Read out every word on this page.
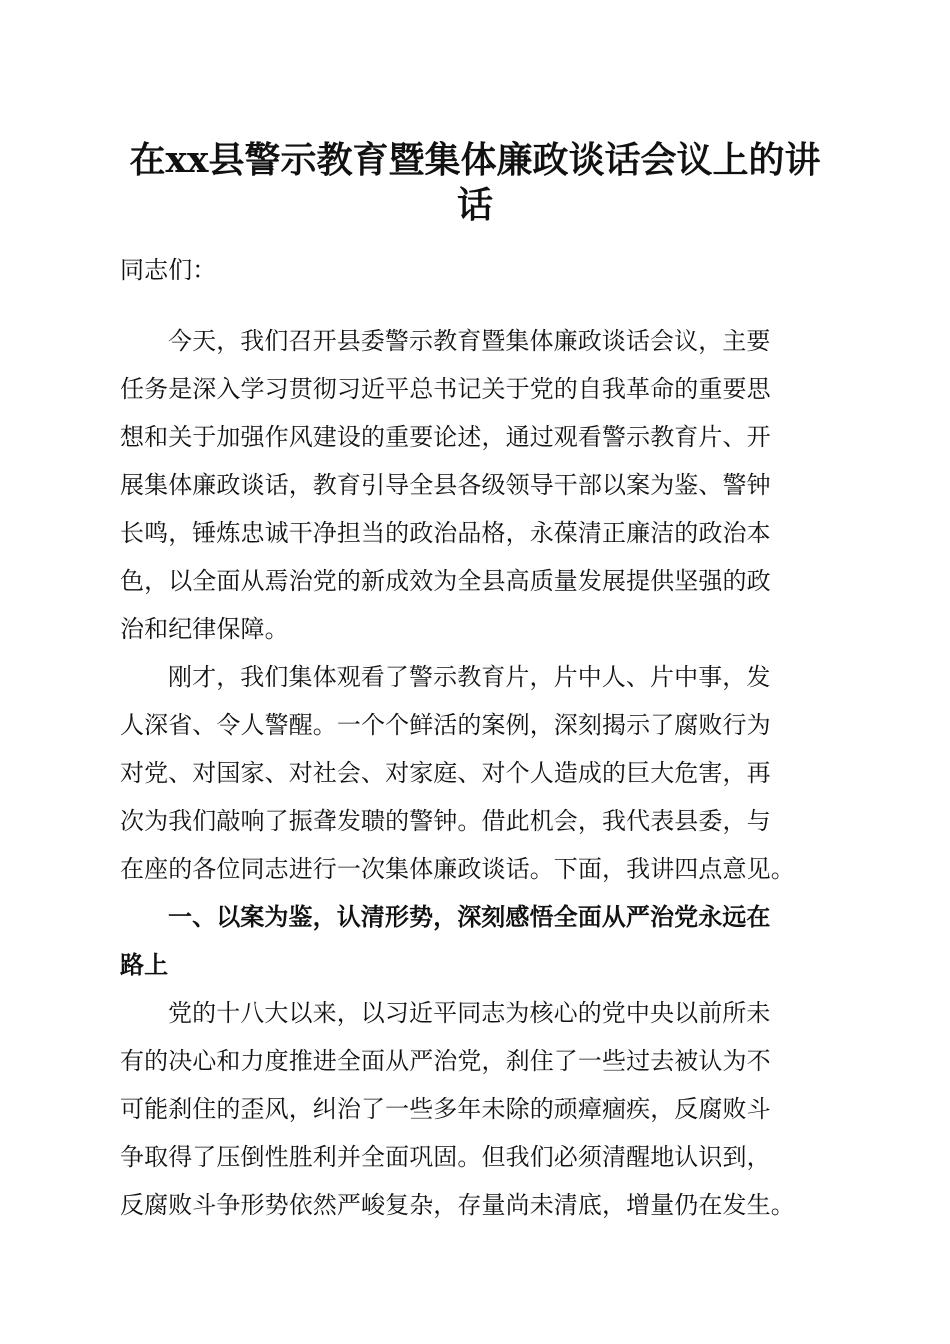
在xx县警示教育暨集体廉政谈话会议上的讲
话
同志们：
今天，我们召开县委警示教育暨集体廉政谈话会议，主要
任务是深入学习贯彻习近平总书记关于党的自我革命的重要思
想和关于加强作风建设的重要论述，通过观看警示教育片、开
展集体廉政谈话，教育引导全县各级领导干部以案为鉴、警钟
长鸣，锤炼忠诚干净担当的政治品格，永葆清正廉洁的政治本
色，以全面从焉治党的新成效为全县高质量发展提供坚强的政
治和纪律保障。
刚才，我们集体观看了警示教育片，片中人、片中事，发
人深省、令人警醒。一个个鲜活的案例，深刻揭示了腐败行为
对党、对国家、对社会、对家庭、对个人造成的巨大危害，再
次为我们敲响了振聋发聩的警钟。借此机会，我代表县委，与
在座的各位同志进行一次集体廉政谈话。下面，我讲四点意见。
一、以案为鉴，认清形势，深刻感悟全面从严治党永远在
路上
党的十八大以来，以习近平同志为核心的党中央以前所未
有的决心和力度推进全面从严治党，刹住了一些过去被认为不
可能刹住的歪风，纠治了一些多年未除的顽瘴痼疾，反腐败斗
争取得了压倒性胜利并全面巩固。但我们必须清醒地认识到，
反腐败斗争形势依然严峻复杂，存量尚未清底，增量仍在发生。
